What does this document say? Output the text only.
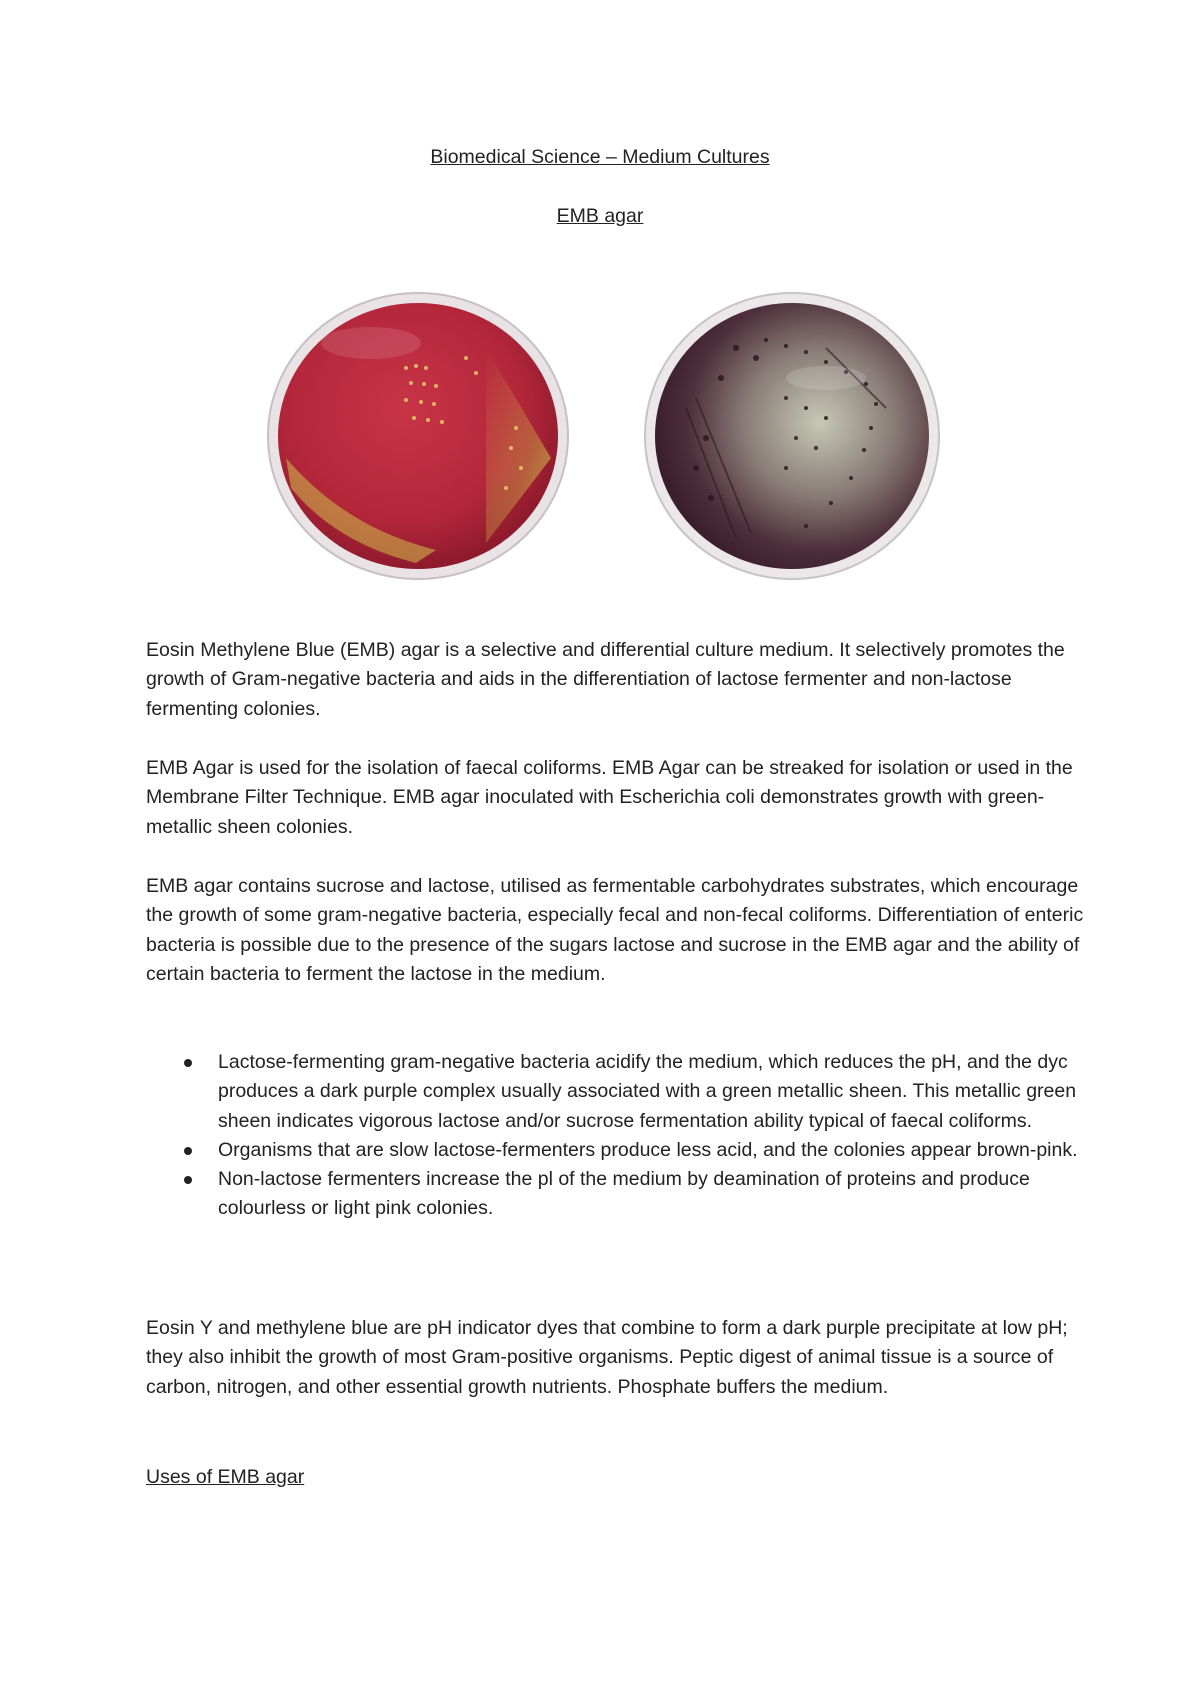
Biomedical Science – Medium Cultures
EMB agar

Eosin Methylene Blue (EMB) agar is a selective and differential culture medium. It selectively promotes the growth of Gram-negative bacteria and aids in the differentiation of lactose fermenter and non-lactose fermenting colonies.

EMB Agar is used for the isolation of faecal coliforms. EMB Agar can be streaked for isolation or used in the Membrane Filter Technique. EMB agar inoculated with Escherichia coli demonstrates growth with green-metallic sheen colonies.

EMB agar contains sucrose and lactose, utilised as fermentable carbohydrates substrates, which encourage the growth of some gram-negative bacteria, especially fecal and non-fecal coliforms. Differentiation of enteric bacteria is possible due to the presence of the sugars lactose and sucrose in the EMB agar and the ability of certain bacteria to ferment the lactose in the medium.

Lactose-fermenting gram-negative bacteria acidify the medium, which reduces the pH, and the dyc produces a dark purple complex usually associated with a green metallic sheen. This metallic green sheen indicates vigorous lactose and/or sucrose fermentation ability typical of faecal coliforms.
Organisms that are slow lactose-fermenters produce less acid, and the colonies appear brown-pink.
Non-lactose fermenters increase the pl of the medium by deamination of proteins and produce colourless or light pink colonies.

Eosin Y and methylene blue are pH indicator dyes that combine to form a dark purple precipitate at low pH; they also inhibit the growth of most Gram-positive organisms. Peptic digest of animal tissue is a source of carbon, nitrogen, and other essential growth nutrients. Phosphate buffers the medium.

Uses of EMB agar
